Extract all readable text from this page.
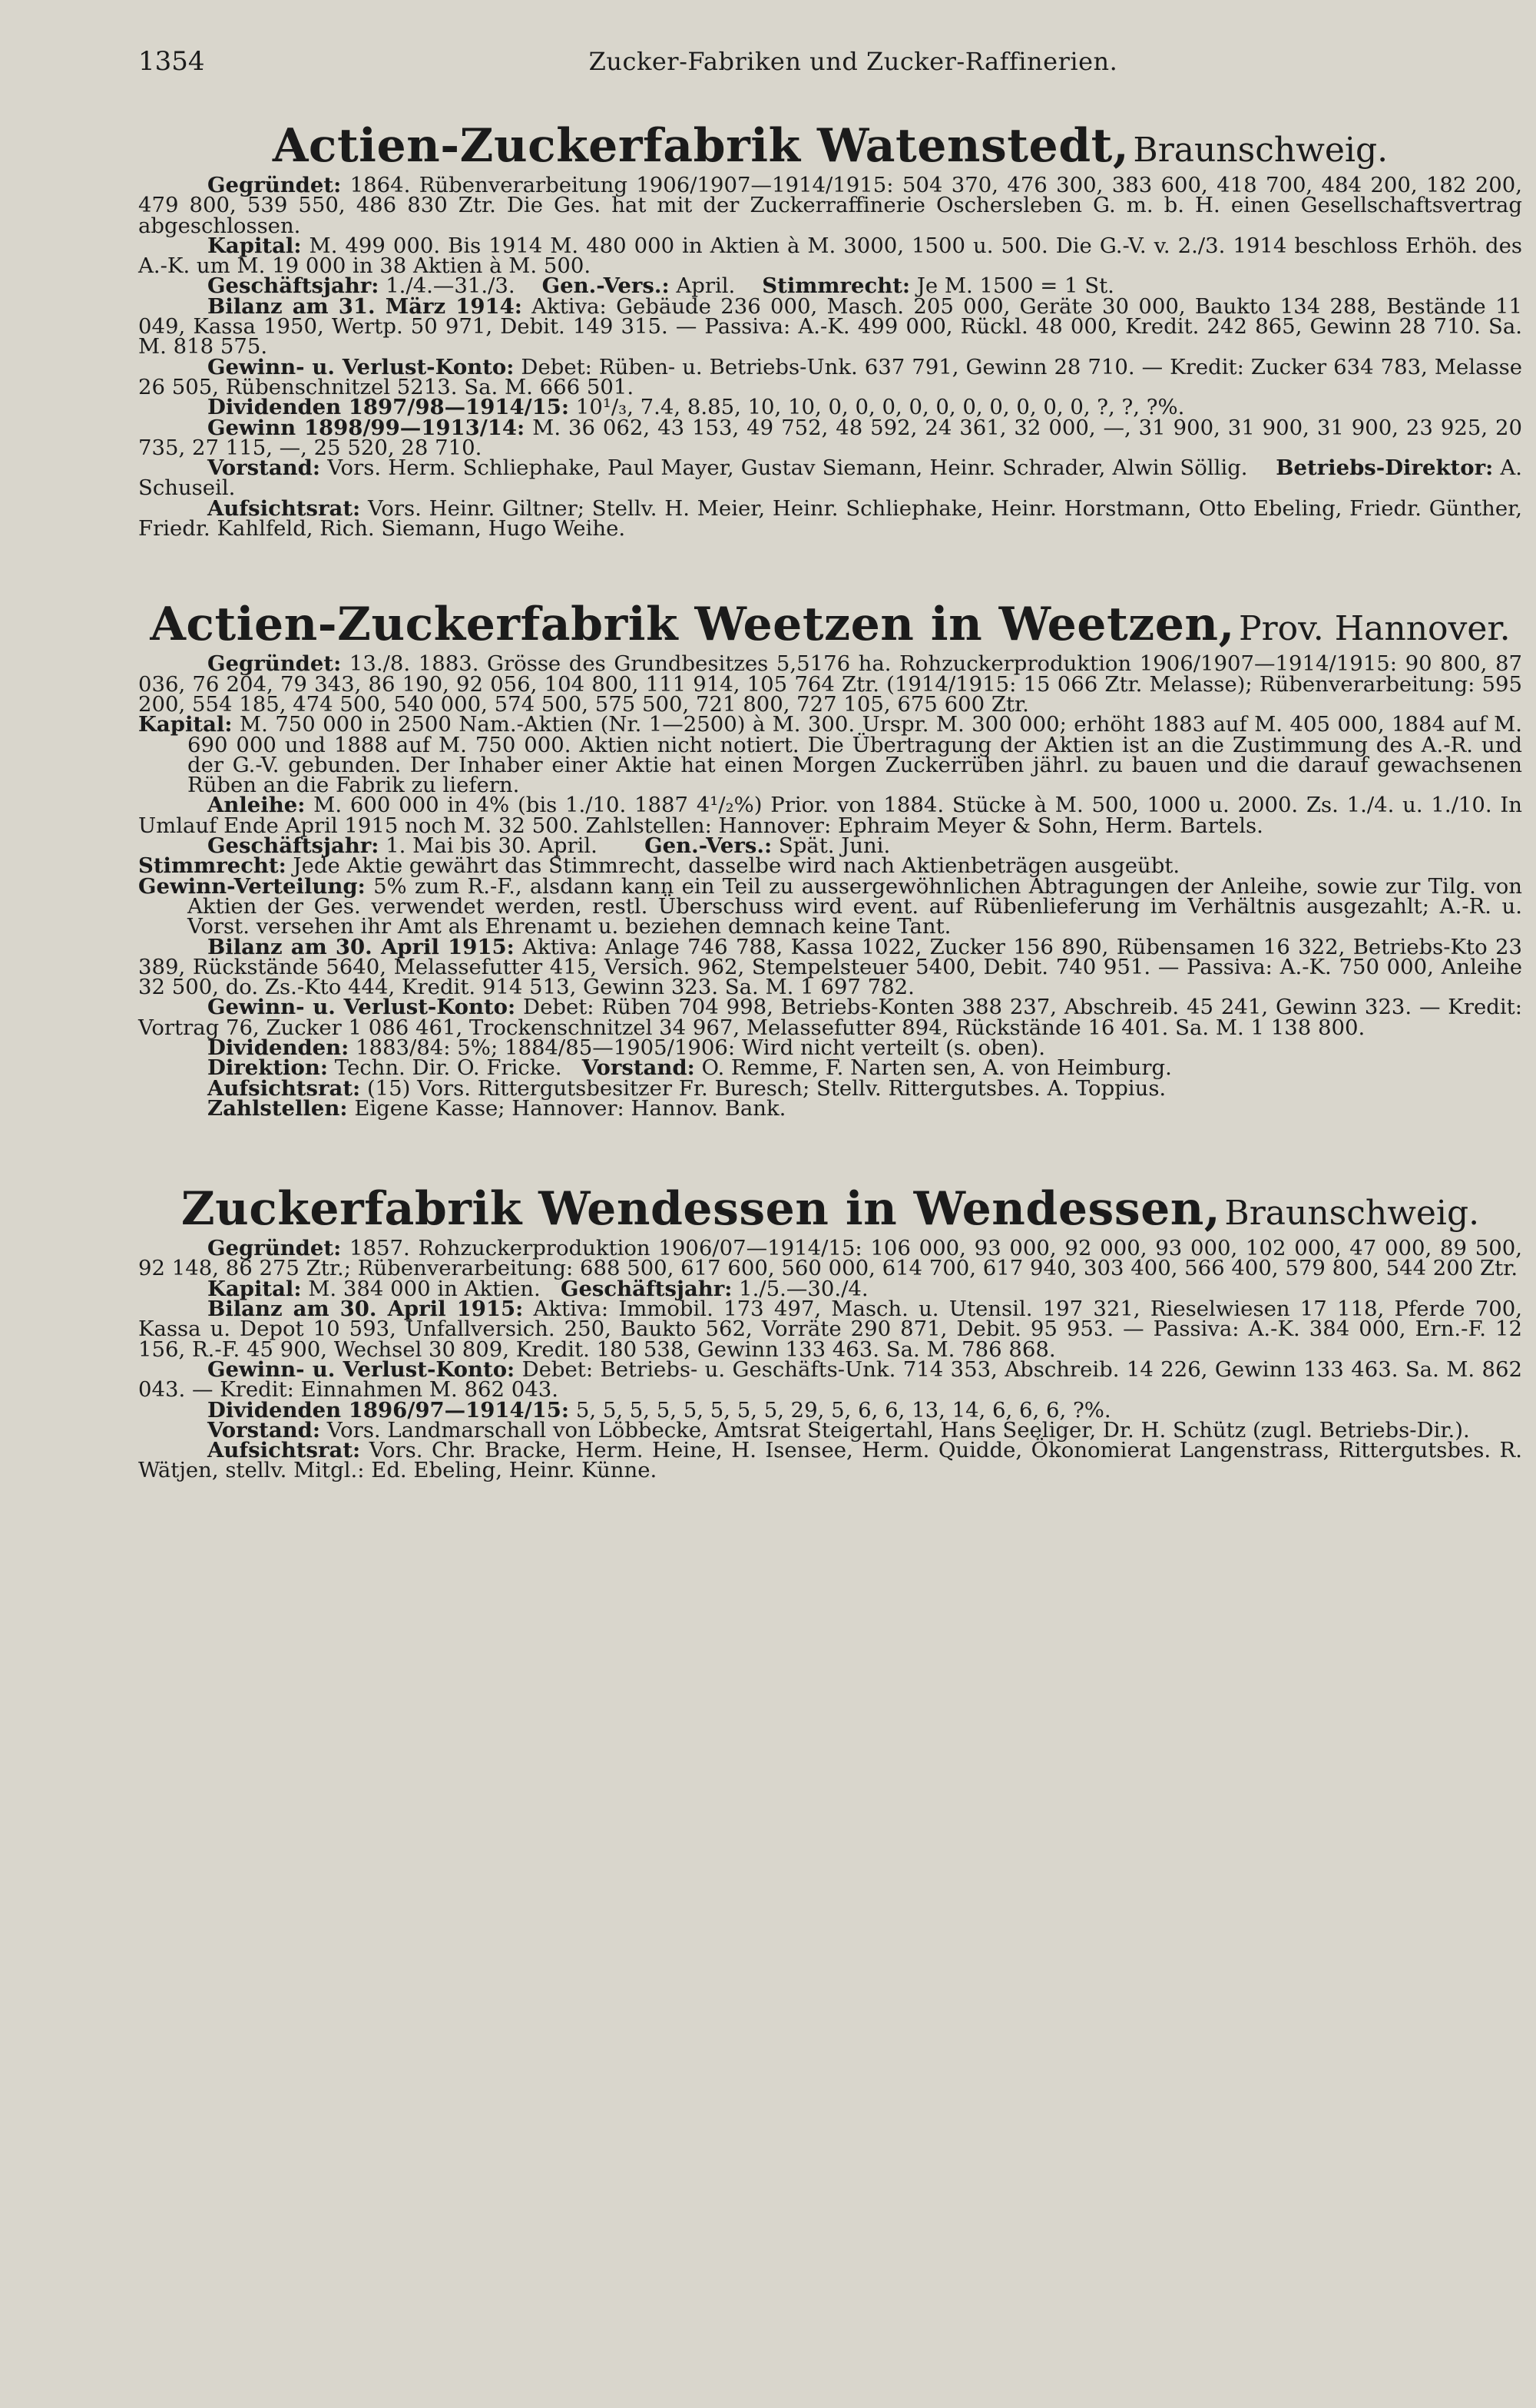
1354	Zucker-Fabriken und Zucker-Raffinerien.
Actien-Zuckerfabrik Watenstedt, Braunschweig.

Gegründet: 1864. Rübenverarbeitung 1906/1907—1914/1915: 504 370, 476 300, 383 600, 418 700, 484 200, 182 200, 479 800, 539 550, 486 830 Ztr. Die Ges. hat mit der Zuckerraffinerie Oschersleben G. m. b. H. einen Gesellschaftsvertrag abgeschlossen.

Kapital: M. 499 000. Bis 1914 M. 480 000 in Aktien à M. 3000, 1500 u. 500. Die G.-V. v. 2./3. 1914 beschloss Erhöh. des A.-K. um M. 19 000 in 38 Aktien à M. 500.

Geschäftsjahr: 1./4.—31./3. Gen.-Vers.: April. Stimmrecht: Je M. 1500 = 1 St.

Bilanz am 31. März 1914: Aktiva: Gebäude 236 000, Masch. 205 000, Geräte 30 000, Baukto 134 288, Bestände 11 049, Kassa 1950, Wertp. 50 971, Debit. 149 315. — Passiva: A.-K. 499 000, Rückl. 48 000, Kredit. 242 865, Gewinn 28 710. Sa. M. 818 575.

Gewinn- u. Verlust-Konto: Debet: Rüben- u. Betriebs-Unk. 637 791, Gewinn 28 710. — Kredit: Zucker 634 783, Melasse 26 505, Rübenschnitzel 5213. Sa. M. 666 501.

Dividenden 1897/98—1914/15: 10¹/₃, 7.4, 8.85, 10, 10, 0, 0, 0, 0, 0, 0, 0, 0, 0, 0, ?, ?, ?%.

Gewinn 1898/99—1913/14: M. 36 062, 43 153, 49 752, 48 592, 24 361, 32 000, —, 31 900, 31 900, 31 900, 23 925, 20 735, 27 115, —, 25 520, 28 710.

Vorstand: Vors. Herm. Schliephake, Paul Mayer, Gustav Siemann, Heinr. Schrader, Alwin Söllig. Betriebs-Direktor: A. Schuseil.

Aufsichtsrat: Vors. Heinr. Giltner; Stellv. H. Meier, Heinr. Schliephake, Heinr. Horstmann, Otto Ebeling, Friedr. Günther, Friedr. Kahlfeld, Rich. Siemann, Hugo Weihe.

Actien-Zuckerfabrik Weetzen in Weetzen, Prov. Hannover.

Gegründet: 13./8. 1883. Grösse des Grundbesitzes 5,5176 ha. Rohzuckerproduktion 1906/1907—1914/1915: 90 800, 87 036, 76 204, 79 343, 86 190, 92 056, 104 800, 111 914, 105 764 Ztr. (1914/1915: 15 066 Ztr. Melasse); Rübenverarbeitung: 595 200, 554 185, 474 500, 540 000, 574 500, 575 500, 721 800, 727 105, 675 600 Ztr.

Kapital: M. 750 000 in 2500 Nam.-Aktien (Nr. 1—2500) à M. 300. Urspr. M. 300 000; erhöht 1883 auf M. 405 000, 1884 auf M. 690 000 und 1888 auf M. 750 000. Aktien nicht notiert. Die Übertragung der Aktien ist an die Zustimmung des A.-R. und der G.-V. gebunden. Der Inhaber einer Aktie hat einen Morgen Zuckerrüben jährl. zu bauen und die darauf gewachsenen Rüben an die Fabrik zu liefern.

Anleihe: M. 600 000 in 4% (bis 1./10. 1887 4¹/₂%) Prior. von 1884. Stücke à M. 500, 1000 u. 2000. Zs. 1./4. u. 1./10. In Umlauf Ende April 1915 noch M. 32 500. Zahlstellen: Hannover: Ephraim Meyer & Sohn, Herm. Bartels.

Geschäftsjahr: 1. Mai bis 30. April. Gen.-Vers.: Spät. Juni.

Stimmrecht: Jede Aktie gewährt das Stimmrecht, dasselbe wird nach Aktienbeträgen ausgeübt.

Gewinn-Verteilung: 5% zum R.-F., alsdann kann ein Teil zu aussergewöhnlichen Abtragungen der Anleihe, sowie zur Tilg. von Aktien der Ges. verwendet werden, restl. Überschuss wird event. auf Rübenlieferung im Verhältnis ausgezahlt; A.-R. u. Vorst. versehen ihr Amt als Ehrenamt u. beziehen demnach keine Tant.

Bilanz am 30. April 1915: Aktiva: Anlage 746 788, Kassa 1022, Zucker 156 890, Rübensamen 16 322, Betriebs-Kto 23 389, Rückstände 5640, Melassefutter 415, Versich. 962, Stempelsteuer 5400, Debit. 740 951. — Passiva: A.-K. 750 000, Anleihe 32 500, do. Zs.-Kto 444, Kredit. 914 513, Gewinn 323. Sa. M. 1 697 782.

Gewinn- u. Verlust-Konto: Debet: Rüben 704 998, Betriebs-Konten 388 237, Abschreib. 45 241, Gewinn 323. — Kredit: Vortrag 76, Zucker 1 086 461, Trockenschnitzel 34 967, Melassefutter 894, Rückstände 16 401. Sa. M. 1 138 800.

Dividenden: 1883/84: 5%; 1884/85—1905/1906: Wird nicht verteilt (s. oben).

Direktion: Techn. Dir. O. Fricke. Vorstand: O. Remme, F. Narten sen, A. von Heimburg.

Aufsichtsrat: (15) Vors. Rittergutsbesitzer Fr. Buresch; Stellv. Rittergutsbes. A. Toppius.

Zahlstellen: Eigene Kasse; Hannover: Hannov. Bank.

Zuckerfabrik Wendessen in Wendessen, Braunschweig.

Gegründet: 1857. Rohzuckerproduktion 1906/07—1914/15: 106 000, 93 000, 92 000, 93 000, 102 000, 47 000, 89 500, 92 148, 86 275 Ztr.; Rübenverarbeitung: 688 500, 617 600, 560 000, 614 700, 617 940, 303 400, 566 400, 579 800, 544 200 Ztr.

Kapital: M. 384 000 in Aktien. Geschäftsjahr: 1./5.—30./4.

Bilanz am 30. April 1915: Aktiva: Immobil. 173 497, Masch. u. Utensil. 197 321, Rieselwiesen 17 118, Pferde 700, Kassa u. Depot 10 593, Unfallversich. 250, Baukto 562, Vorräte 290 871, Debit. 95 953. — Passiva: A.-K. 384 000, Ern.-F. 12 156, R.-F. 45 900, Wechsel 30 809, Kredit. 180 538, Gewinn 133 463. Sa. M. 786 868.

Gewinn- u. Verlust-Konto: Debet: Betriebs- u. Geschäfts-Unk. 714 353, Abschreib. 14 226, Gewinn 133 463. Sa. M. 862 043. — Kredit: Einnahmen M. 862 043.

Dividenden 1896/97—1914/15: 5, 5, 5, 5, 5, 5, 5, 5, 29, 5, 6, 6, 13, 14, 6, 6, 6, ?%.

Vorstand: Vors. Landmarschall von Löbbecke, Amtsrat Steigertahl, Hans Seeliger, Dr. H. Schütz (zugl. Betriebs-Dir.).

Aufsichtsrat: Vors. Chr. Bracke, Herm. Heine, H. Isensee, Herm. Quidde, Ökonomierat Langenstrass, Rittergutsbes. R. Wätjen, stellv. Mitgl.: Ed. Ebeling, Heinr. Künne.
